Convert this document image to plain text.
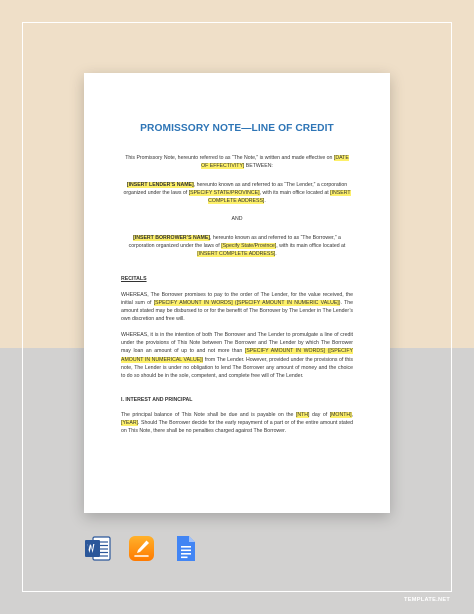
PROMISSORY NOTE—LINE OF CREDIT

This Promissory Note, hereunto referred to as “The Note,” is written and made effective on [DATE OF EFFECTIVITY] BETWEEN:

[INSERT LENDER’S NAME], hereunto known as and referred to as “The Lender,” a corporation organized under the laws of [SPECIFY STATE/PROVINCE], with its main office located at [INSERT COMPLETE ADDRESS].

AND

[INSERT BORROWER’S NAME], hereunto known as and referred to as “The Borrower,” a corporation organized under the laws of [Specify State/Province], with its main office located at [INSERT COMPLETE ADDRESS].

RECITALS

WHEREAS, The Borrower promises to pay to the order of The Lender, for the value received, the initial sum of [SPECIFY AMOUNT IN WORDS] ([SPECIFY AMOUNT IN NUMERIC VALUE]). The amount stated may be disbursed to or for the benefit of The Borrower by The Lender in The Lender’s own discretion and free will.

WHEREAS, it is in the intention of both The Borrower and The Lender to promulgate a line of credit under the provisions of This Note between The Borrower and The Lender by which The Borrower may loan an amount of up to and not more than [SPECIFY AMOUNT IN WORDS] ([SPECIFY AMOUNT IN NUMERICAL VALUE]) from The Lender. However, provided under the provisions of this note, The Lender is under no obligation to lend The Borrower any amount of money and the choice to do so should be in the sole, competent, and complete free will of The Lender.

I. INTEREST AND PRINCIPAL

The principal balance of This Note shall be due and is payable on the [NTH] day of [MONTH], [YEAR]. Should The Borrower decide for the early repayment of a part or of the entire amount stated on This Note, there shall be no penalties charged against The Borrower.

TEMPLATE.NET
